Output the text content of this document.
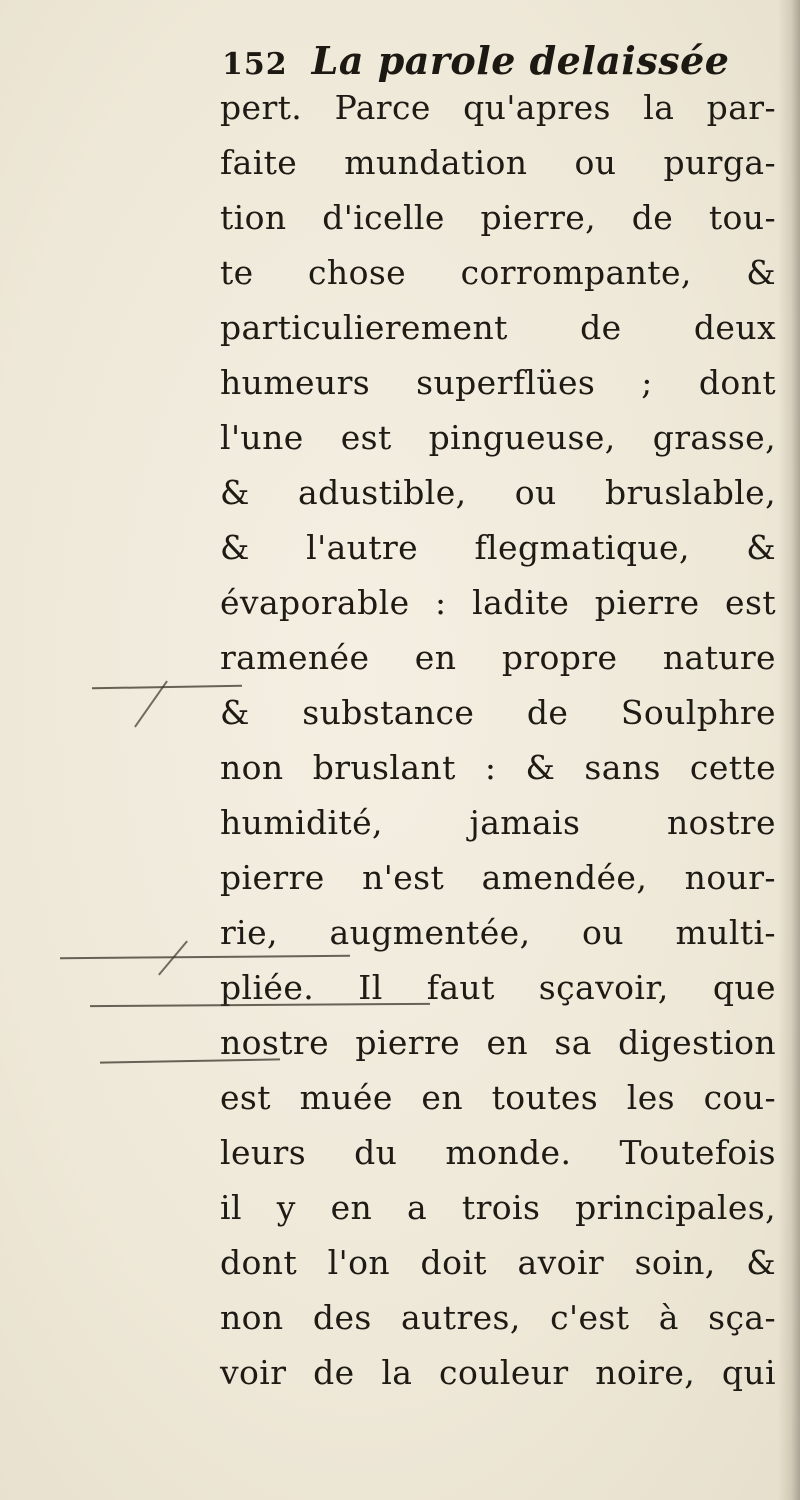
152 La parole delaissée
pert. Parce qu'apres la par-
faite mundation ou purga-
tion d'icelle pierre, de tou-
te chose corrompante, &
particulierement de deux
humeurs superflües ; dont
l'une est pingueuse, grasse,
& adustible, ou bruslable,
& l'autre flegmatique, &
évaporable : ladite pierre est
ramenée en propre nature
& substance de Soulphre
non bruslant : & sans cette
humidité, jamais nostre
pierre n'est amendée, nour-
rie, augmentée, ou multi-
pliée. Il faut sçavoir, que
nostre pierre en sa digestion
est muée en toutes les cou-
leurs du monde. Toutefois
il y en a trois principales,
dont l'on doit avoir soin, &
non des autres, c'est à sça-
voir de la couleur noire, qui
